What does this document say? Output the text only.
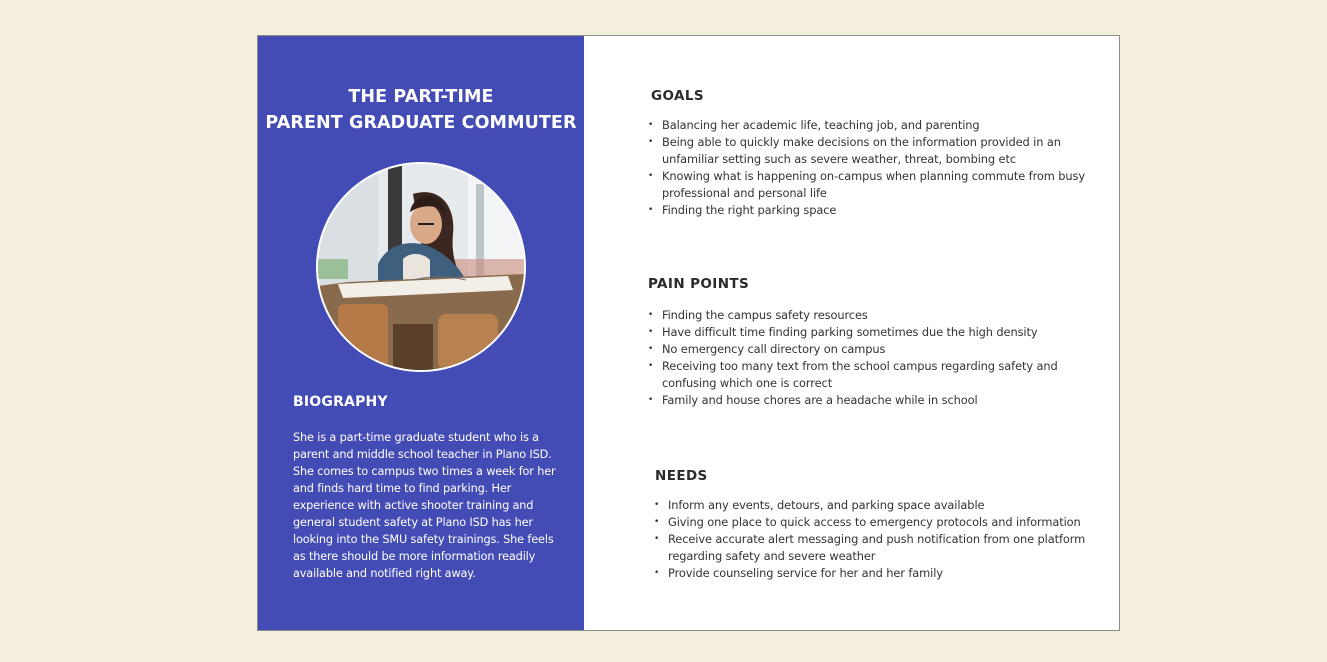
THE PART-TIME
PARENT GRADUATE COMMUTER
BIOGRAPHY

She is a part-time graduate student who is a parent and middle school teacher in Plano ISD. She comes to campus two times a week for her and finds hard time to find parking. Her experience with active shooter training and general student safety at Plano ISD has her looking into the SMU safety trainings. She feels as there should be more information readily available and notified right away.

GOALS
• Balancing her academic life, teaching job, and parenting
• Being able to quickly make decisions on the information provided in an unfamiliar setting such as severe weather, threat, bombing etc
• Knowing what is happening on-campus when planning commute from busy professional and personal life
• Finding the right parking space
PAIN POINTS
• Finding the campus safety resources
• Have difficult time finding parking sometimes due the high density
• No emergency call directory on campus
• Receiving too many text from the school campus regarding safety and confusing which one is correct
• Family and house chores are a headache while in school
NEEDS
• Inform any events, detours, and parking space available
• Giving one place to quick access to emergency protocols and information
• Receive accurate alert messaging and push notification from one platform regarding safety and severe weather
• Provide counseling service for her and her family
